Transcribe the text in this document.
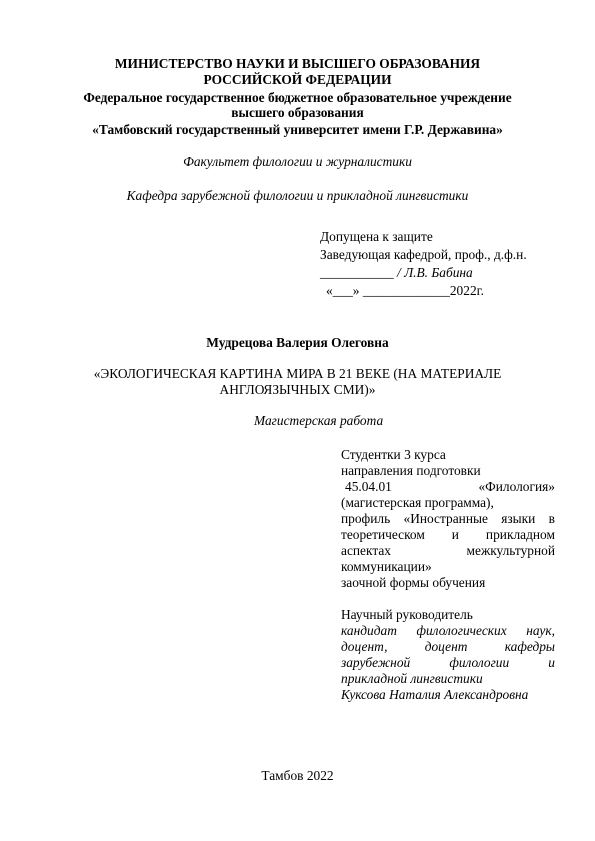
МИНИСТЕРСТВО НАУКИ И ВЫСШЕГО ОБРАЗОВАНИЯ
РОССИЙСКОЙ ФЕДЕРАЦИИ
Федеральное государственное бюджетное образовательное учреждение
высшего образования
«Тамбовский государственный университет имени Г.Р. Державина»
Факультет филологии и журналистики
Кафедра зарубежной филологии и прикладной лингвистики
Допущена к защите
Заведующая кафедрой, проф., д.ф.н.
___________ / Л.В. Бабина
«___» _____________2022г.
Мудрецова Валерия Олеговна
«ЭКОЛОГИЧЕСКАЯ КАРТИНА МИРА В 21 ВЕКЕ (НА МАТЕРИАЛЕ
АНГЛОЯЗЫЧНЫХ СМИ)»
Магистерская работа
Студентки 3 курса
направления подготовки
45.04.01	«Филология»
(магистерская программа),
профиль «Иностранные языки в
теоретическом и прикладном
аспектах	межкультурной
коммуникации»
заочной формы обучения
Научный руководитель
кандидат филологических наук,
доцент,	доцент	кафедры
зарубежной	филологии	и
прикладной лингвистики
Куксова Наталия Александровна
Тамбов 2022
